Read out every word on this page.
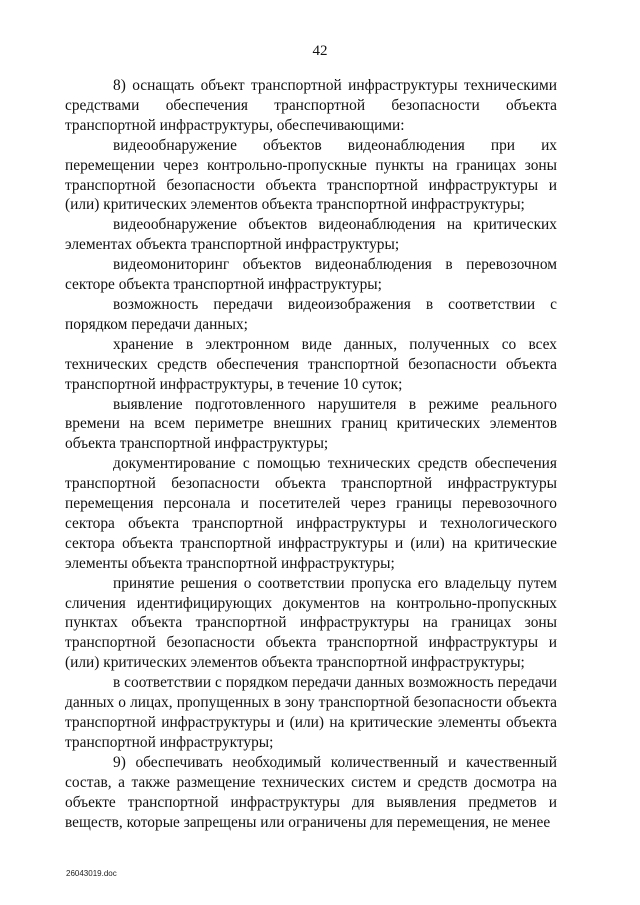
42

8) оснащать объект транспортной инфраструктуры техническими средствами обеспечения транспортной безопасности объекта транспортной инфраструктуры, обеспечивающими:

видеообнаружение объектов видеонаблюдения при их перемещении через контрольно-пропускные пункты на границах зоны транспортной безопасности объекта транспортной инфраструктуры и (или) критических элементов объекта транспортной инфраструктуры;

видеообнаружение объектов видеонаблюдения на критических элементах объекта транспортной инфраструктуры;

видеомониторинг объектов видеонаблюдения в перевозочном секторе объекта транспортной инфраструктуры;

возможность передачи видеоизображения в соответствии с порядком передачи данных;

хранение в электронном виде данных, полученных со всех технических средств обеспечения транспортной безопасности объекта транспортной инфраструктуры, в течение 10 суток;

выявление подготовленного нарушителя в режиме реального времени на всем периметре внешних границ критических элементов объекта транспортной инфраструктуры;

документирование с помощью технических средств обеспечения транспортной безопасности объекта транспортной инфраструктуры перемещения персонала и посетителей через границы перевозочного сектора объекта транспортной инфраструктуры и технологического сектора объекта транспортной инфраструктуры и (или) на критические элементы объекта транспортной инфраструктуры;

принятие решения о соответствии пропуска его владельцу путем сличения идентифицирующих документов на контрольно-пропускных пунктах объекта транспортной инфраструктуры на границах зоны транспортной безопасности объекта транспортной инфраструктуры и (или) критических элементов объекта транспортной инфраструктуры;

в соответствии с порядком передачи данных возможность передачи данных о лицах, пропущенных в зону транспортной безопасности объекта транспортной инфраструктуры и (или) на критические элементы объекта транспортной инфраструктуры;

9) обеспечивать необходимый количественный и качественный состав, а также размещение технических систем и средств досмотра на объекте транспортной инфраструктуры для выявления предметов и веществ, которые запрещены или ограничены для перемещения, не менее

26043019.doc
